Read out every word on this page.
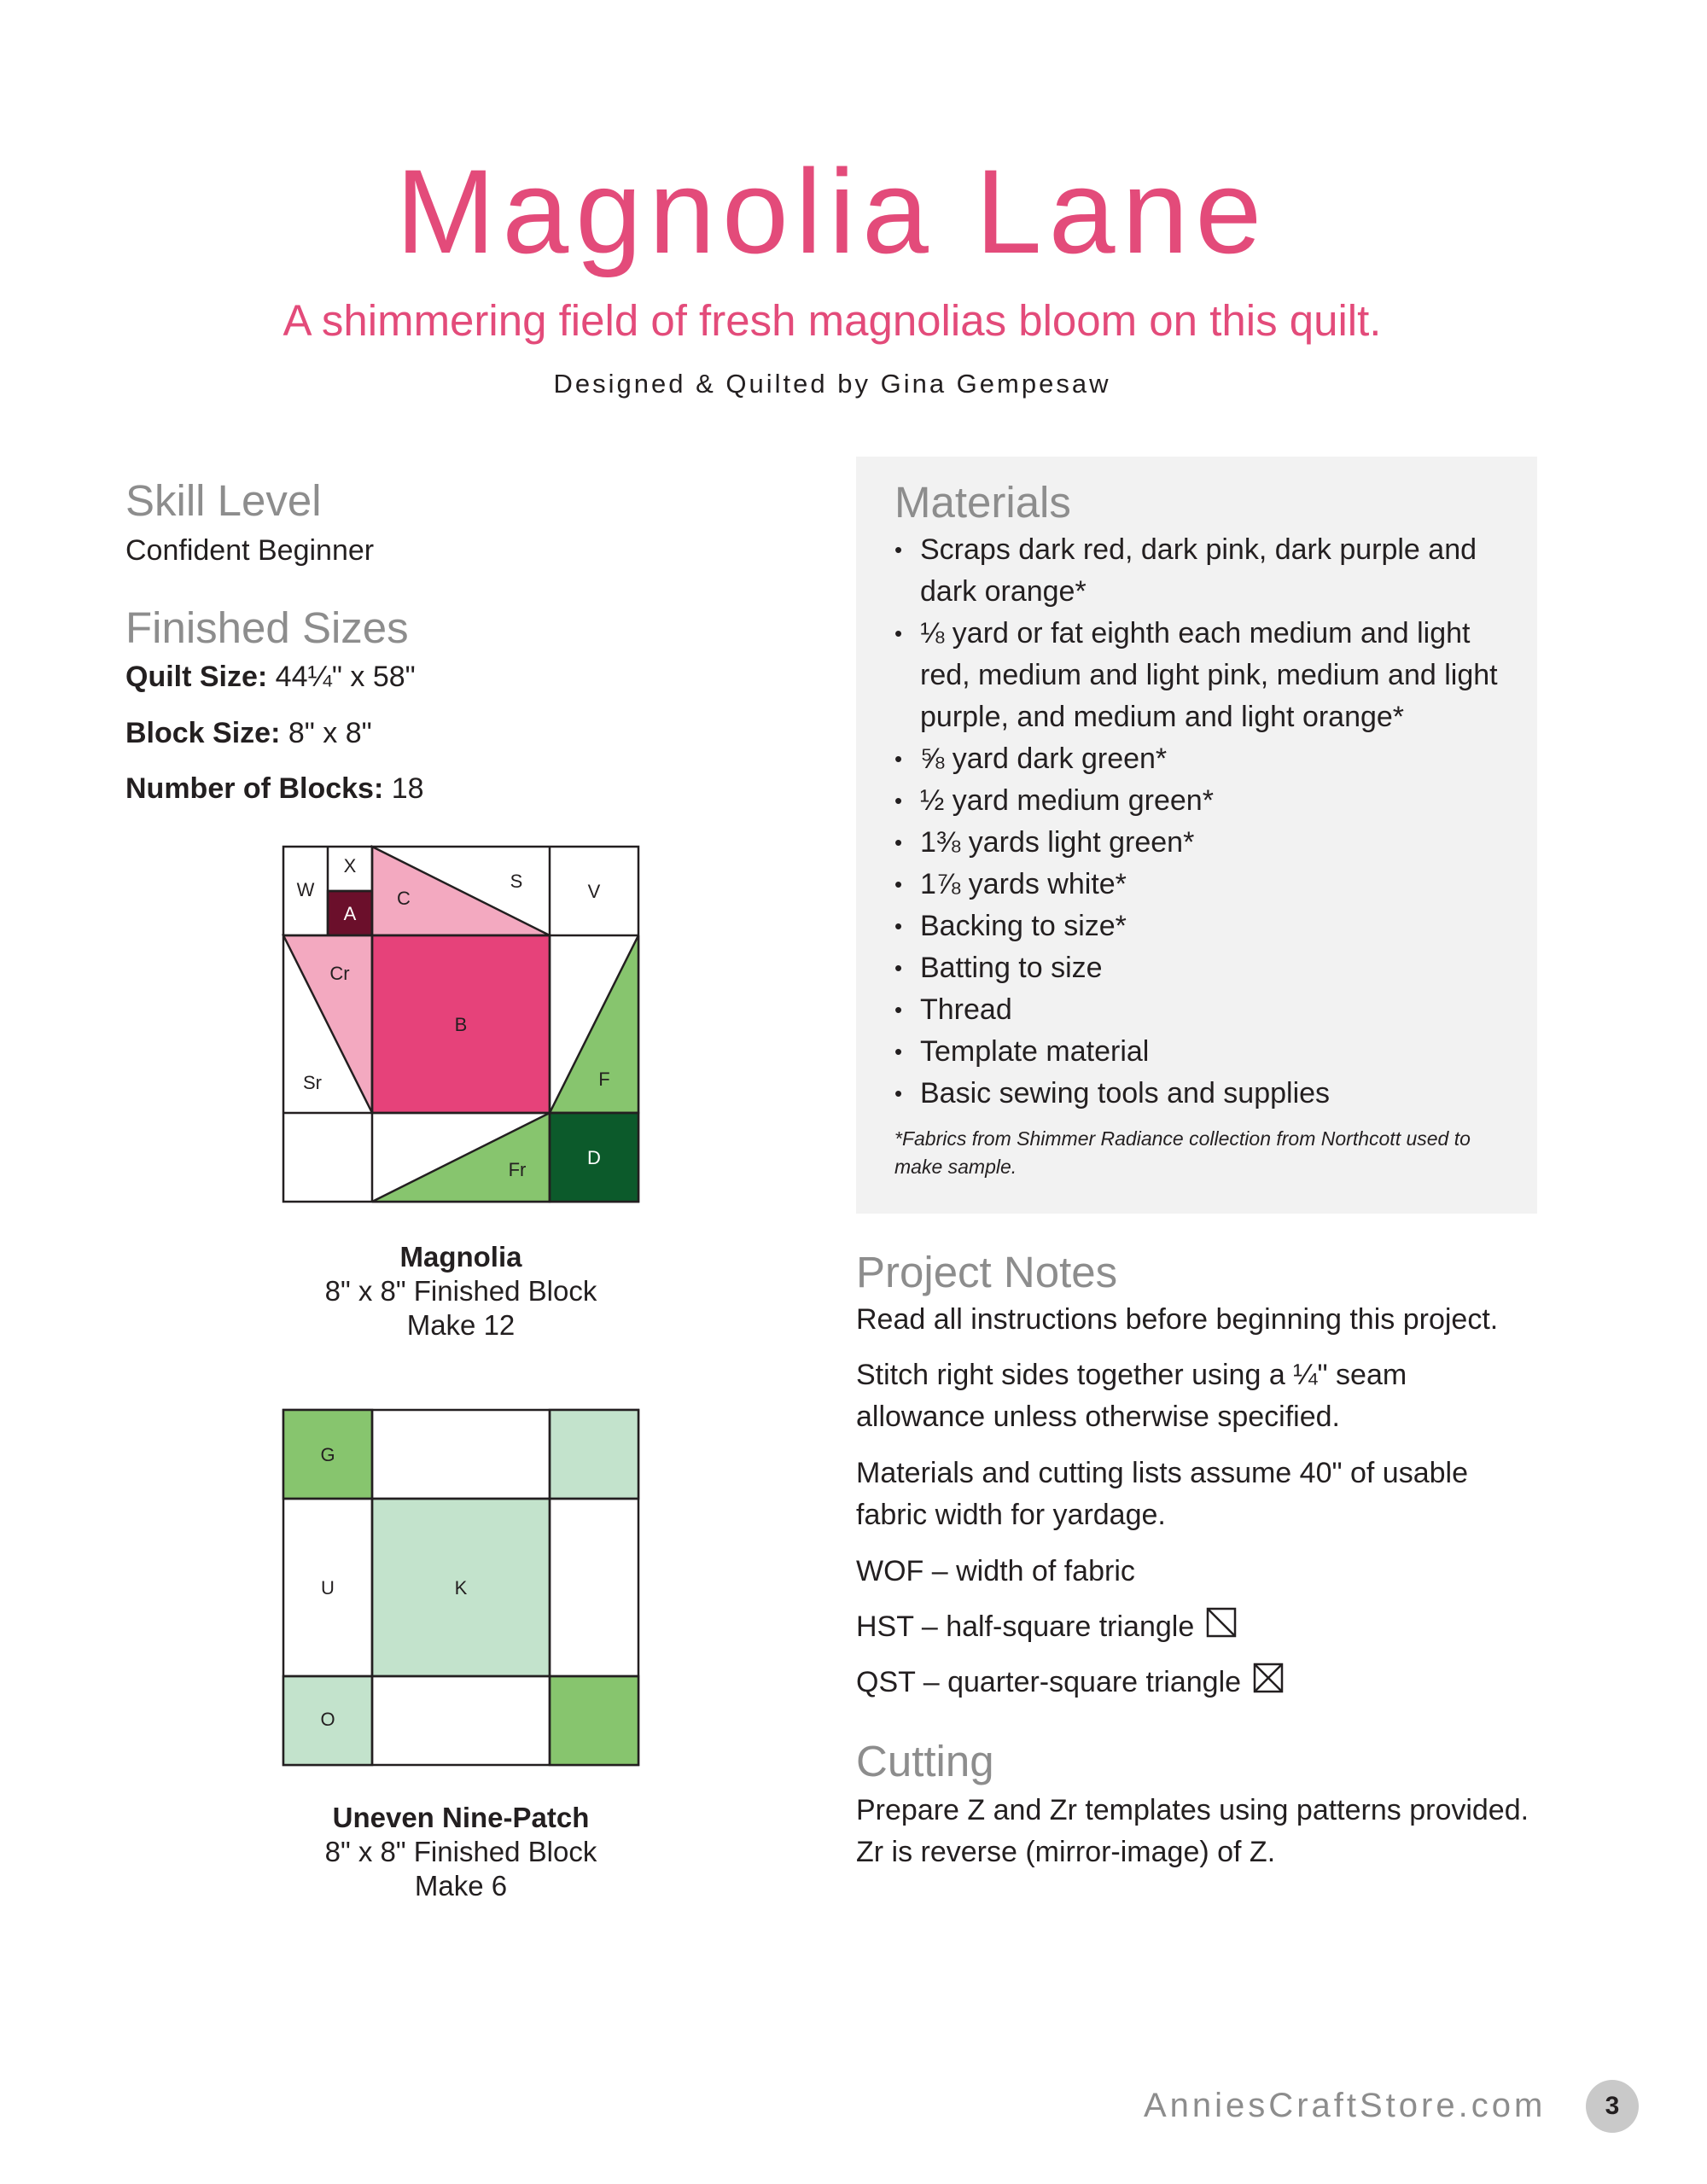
Magnolia Lane
A shimmering field of fresh magnolias bloom on this quilt.
Designed & Quilted by Gina Gempesaw
Skill Level
Confident Beginner
Finished Sizes
Quilt Size: 44¼" x 58"
Block Size: 8" x 8"
Number of Blocks: 18
W
X
A
C
S	V
Cr
B
F
Sr
Fr
D
Magnolia
8" x 8" Finished Block
Make 12
G
U	K
O
Uneven Nine-Patch
8" x 8" Finished Block
Make 6
Materials
• Scraps dark red, dark pink, dark purple and dark orange*
• ⅛ yard or fat eighth each medium and light red, medium and light pink, medium and light purple, and medium and light orange*
• ⅝ yard dark green*
• ½ yard medium green*
• 1⅜ yards light green*
• 1⅞ yards white*
• Backing to size*
• Batting to size
• Thread
• Template material
• Basic sewing tools and supplies
*Fabrics from Shimmer Radiance collection from Northcott used to make sample.
Project Notes
Read all instructions before beginning this project.
Stitch right sides together using a ¼" seam allowance unless otherwise specified.
Materials and cutting lists assume 40" of usable fabric width for yardage.
WOF – width of fabric
HST – half-square triangle
QST – quarter-square triangle
Cutting
Prepare Z and Zr templates using patterns provided. Zr is reverse (mirror-image) of Z.
AnniesCraftStore.com	3
